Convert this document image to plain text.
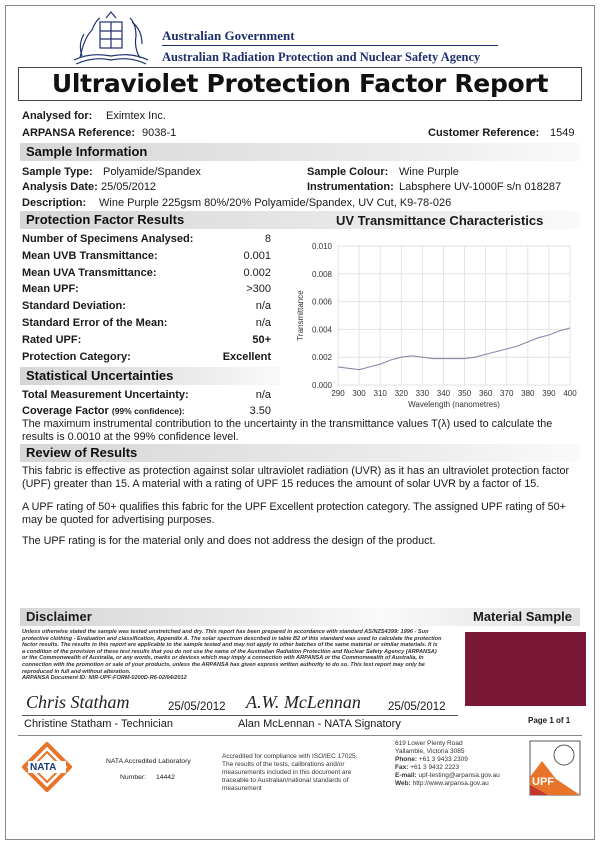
Australian Government
Australian Radiation Protection and Nuclear Safety Agency
Ultraviolet Protection Factor Report
Analysed for: Eximtex Inc.
ARPANSA Reference: 9038-1	Customer Reference: 1549
Sample Information
Sample Type: Polyamide/Spandex	Sample Colour: Wine Purple
Analysis Date: 25/05/2012	Instrumentation: Labsphere UV-1000F s/n 018287
Description: Wine Purple 225gsm 80%/20% Polyamide/Spandex, UV Cut, K9-78-026
Protection Factor Results	UV Transmittance Characteristics
Number of Specimens Analysed:	8
Mean UVB Transmittance:	0.001
Mean UVA Transmittance:	0.002
Mean UPF:	>300
Standard Deviation:	n/a
Standard Error of the Mean:	n/a
Rated UPF:	50+
Protection Category:	Excellent
Statistical Uncertainties
Total Measurement Uncertainty:	n/a
Coverage Factor (99% confidence):	3.50
The maximum instrumental contribution to the uncertainty in the transmittance values T(λ) used to calculate the results is 0.0010 at the 99% confidence level.
290 300 310 320 330 340 350 360 370 380 390 400
0.000
0.002
0.004
0.006
0.008
0.010
Wavelength (nanometres)
Transmittance
Review of Results
This fabric is effective as protection against solar ultraviolet radiation (UVR) as it has an ultraviolet protection factor (UPF) greater than 15. A material with a rating of UPF 15 reduces the amount of solar UVR by a factor of 15.
A UPF rating of 50+ qualifies this fabric for the UPF Excellent protection category. The assigned UPF rating of 50+ may be quoted for advertising purposes.
The UPF rating is for the material only and does not address the design of the product.
Disclaimer	Material Sample
Unless otherwise stated the sample was tested unstretched and dry. This report has been prepared in accordance with standard AS/NZS4399: 1996 - Sun protective clothing - Evaluation and classification, Appendix A. The solar spectrum described in table B2 of this standard was used to calculate the protection factor results. The results in this report are applicable to the sample tested and may not apply to other batches of the same material or similar materials. It is a condition of the provision of these test results that you do not use the name of the Australian Radiation Protection and Nuclear Safety Agency (ARPANSA) or the Commonwealth of Australia, or any words, marks or devices which may imply a connection with ARPANSA or the Commonwealth of Australia, in connection with the promotion or sale of your products, unless the ARPANSA has given express written authority to do so. This test report may only be reproduced in full and without alteration.
ARPANSA Document ID: NIR-UPF-FORM-0200D-R6-02/04/2012
Page 1 of 1
Chris Statham	25/05/2012
Christine Statham - Technician
A.W. McLennan 25/05/2012
Alan McLennan - NATA Signatory
NATA
NATA Accredited Laboratory
Number: 14442
Accredited for compliance with ISO/IEC 17025. The results of the tests, calibrations and/or measurements included in this document are traceable to Australian/national standards of measurement
619 Lower Plenty Road
Yallambie, Victoria 3085
Phone: +61 3 9433 2309
Fax: +61 3 9432 2223
E-mail: upf-testing@arpansa.gov.au
Web: http://www.arpansa.gov.au	UPF
